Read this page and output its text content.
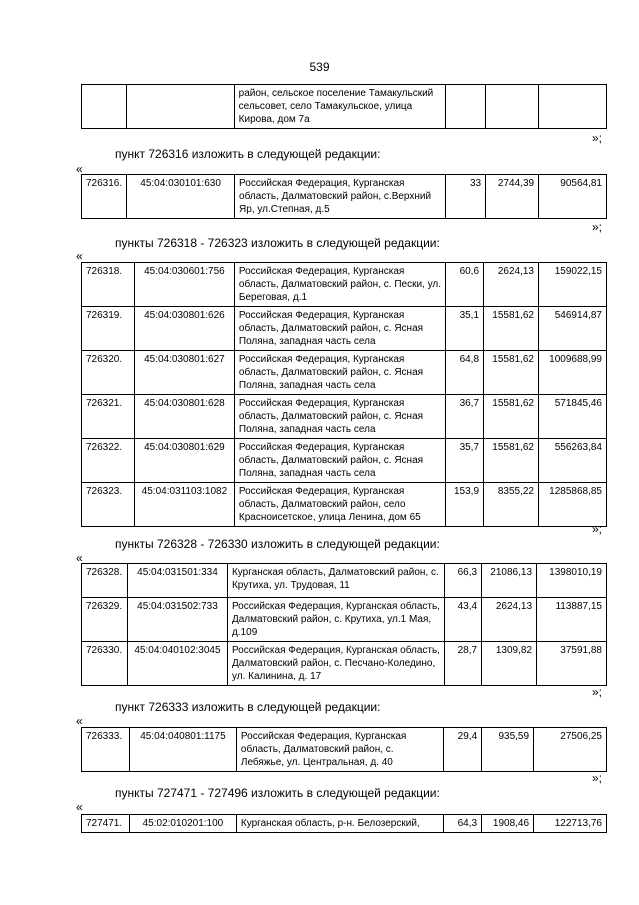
539
		район, сельское поселение Тамакульский сельсовет, село Тамакульское, улица Кирова, дом 7а			
»;
пункт 726316 изложить в следующей редакции:
«
726316.	45:04:030101:630	Российская Федерация, Курганская область, Далматовский район, с.Верхний Яр, ул.Степная, д.5	33	2744,39	90564,81
»;
пункты 726318 - 726323 изложить в следующей редакции:
«
726318.	45:04:030601:756	Российская Федерация, Курганская область, Далматовский район, с. Пески, ул. Береговая, д.1	60,6	2624,13	159022,15
726319.	45:04:030801:626	Российская Федерация, Курганская область, Далматовский район, с. Ясная Поляна, западная часть села	35,1	15581,62	546914,87
726320.	45:04:030801:627	Российская Федерация, Курганская область, Далматовский район, с. Ясная Поляна, западная часть села	64,8	15581,62	1009688,99
726321.	45:04:030801:628	Российская Федерация, Курганская область, Далматовский район, с. Ясная Поляна, западная часть села	36,7	15581,62	571845,46
726322.	45:04:030801:629	Российская Федерация, Курганская область, Далматовский район, с. Ясная Поляна, западная часть села	35,7	15581,62	556263,84
726323.	45:04:031103:1082	Российская Федерация, Курганская область, Далматовский район, село Красноисетское, улица Ленина, дом 65	153,9	8355,22	1285868,85
»;
пункты 726328 - 726330 изложить в следующей редакции:
«
726328.	45:04:031501:334	Курганская область, Далматовский район, с. Крутиха, ул. Трудовая, 11	66,3	21086,13	1398010,19
726329.	45:04:031502:733	Российская Федерация, Курганская область, Далматовский район, с. Крутиха, ул.1 Мая, д.109	43,4	2624,13	113887,15
726330.	45:04:040102:3045	Российская Федерация, Курганская область, Далматовский район, с. Песчано-Коледино, ул. Калинина, д. 17	28,7	1309,82	37591,88
»;
пункт 726333 изложить в следующей редакции:
«
726333.	45:04:040801:1175	Российская Федерация, Курганская область, Далматовский район, с. Лебяжье, ул. Центральная, д. 40	29,4	935,59	27506,25
»;
пункты 727471 - 727496 изложить в следующей редакции:
«
727471.	45:02:010201:100	Курганская область, р-н. Белозерский,	64,3	1908,46	122713,76
